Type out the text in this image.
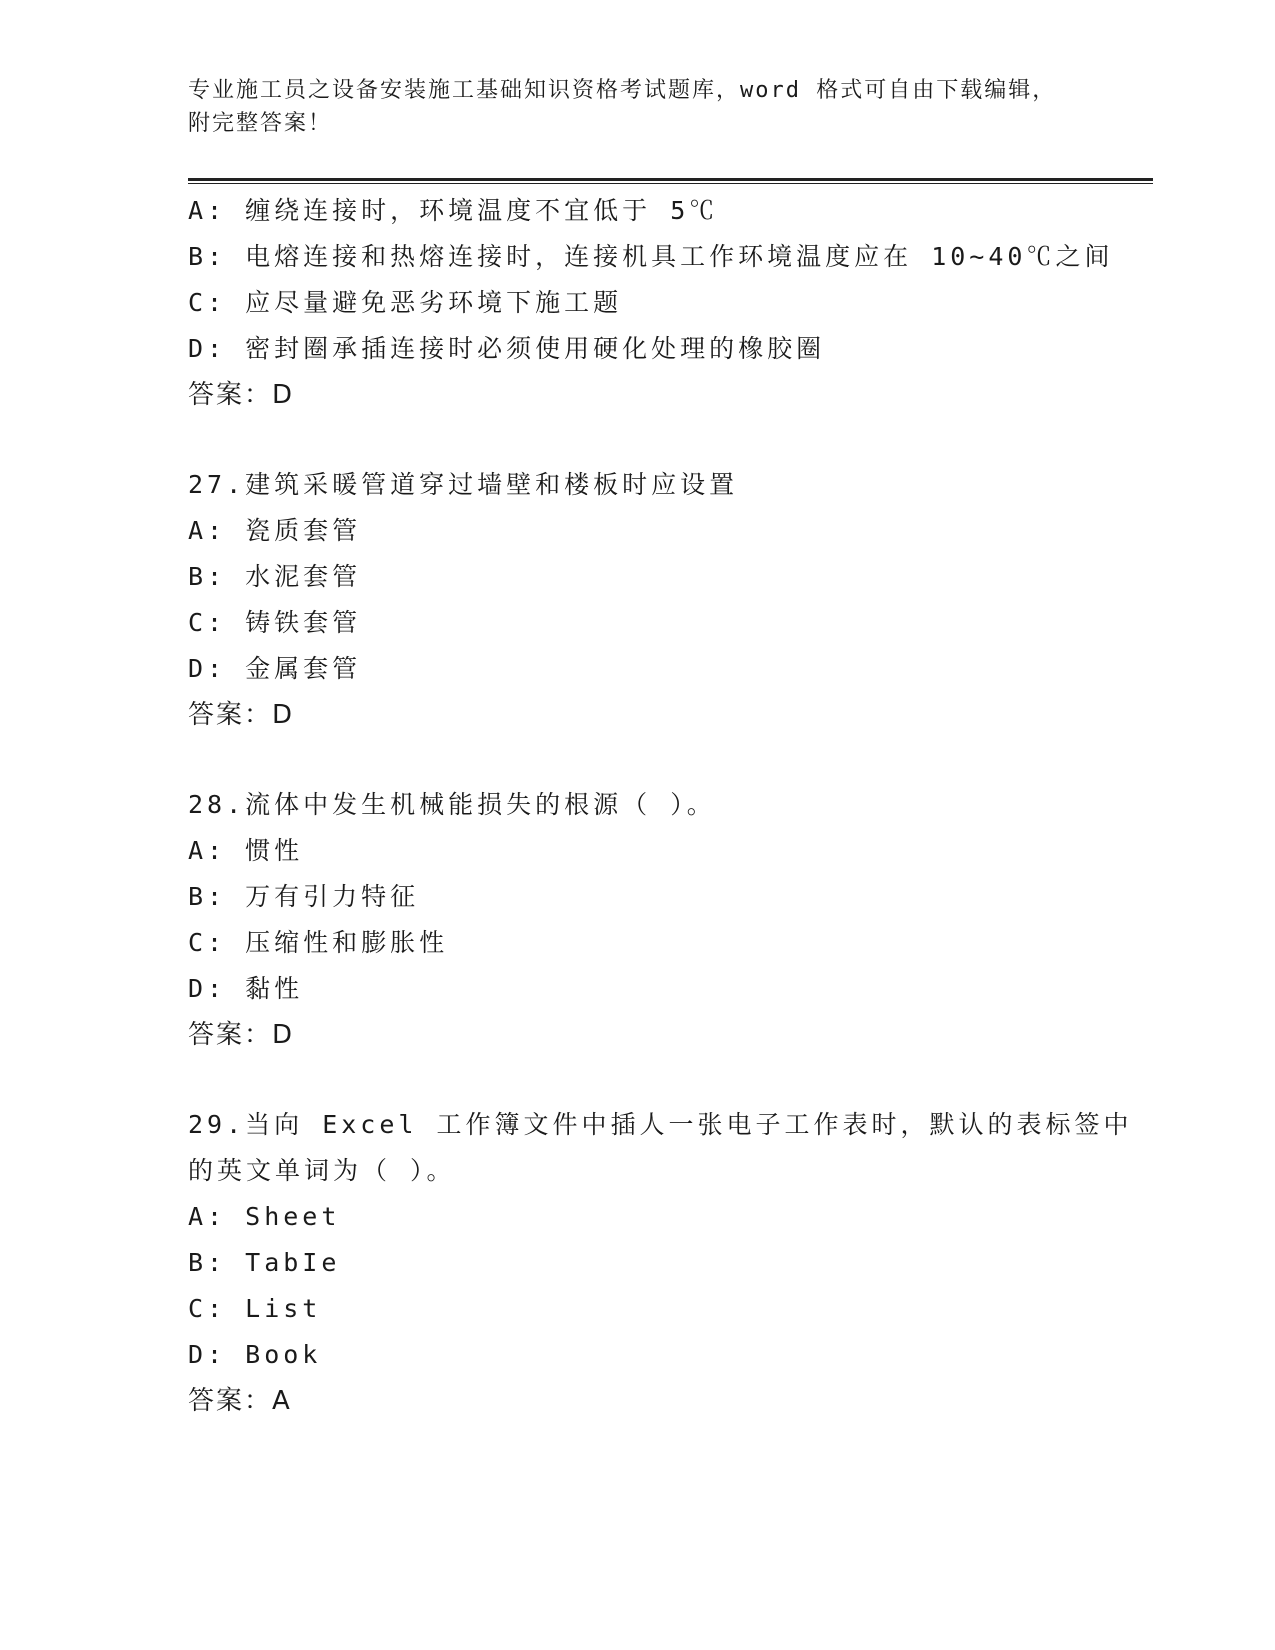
专业施工员之设备安装施工基础知识资格考试题库，word 格式可自由下载编辑，
附完整答案！
A: 缠绕连接时，环境温度不宜低于 5℃
B: 电熔连接和热熔连接时，连接机具工作环境温度应在 10~40℃之间
C: 应尽量避免恶劣环境下施工题
D: 密封圈承插连接时必须使用硬化处理的橡胶圈
答案：D
27.建筑采暖管道穿过墙壁和楼板时应设置
A: 瓷质套管
B: 水泥套管
C: 铸铁套管
D: 金属套管
答案：D
28.流体中发生机械能损失的根源（ ）。
A: 惯性
B: 万有引力特征
C: 压缩性和膨胀性
D: 黏性
答案：D
29.当向 Excel 工作簿文件中插人一张电子工作表时，默认的表标签中
的英文单词为（ ）。
A: Sheet
B: TabIe
C: List
D: Book
答案：A
